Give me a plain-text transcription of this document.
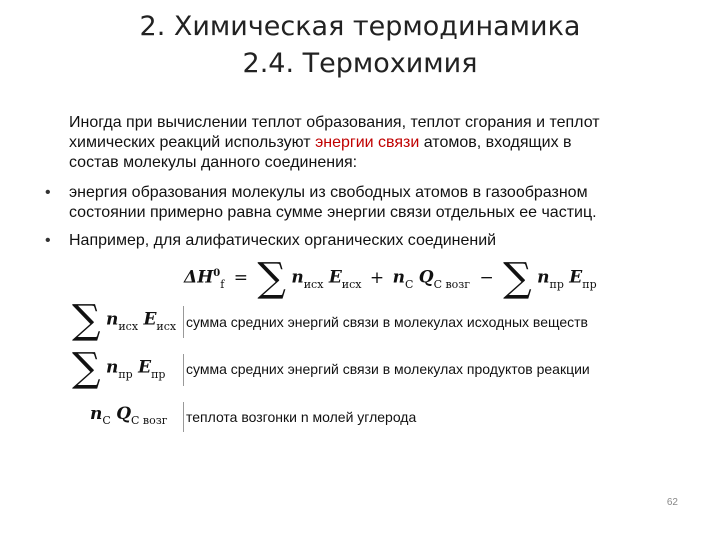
2. Химическая термодинамика
2.4. Термохимия
Иногда при вычислении теплот образования, теплот сгорания и теплот
химических реакций используют энергии связи атомов, входящих в
состав молекулы данного соединения:
• энергия образования молекулы из свободных атомов в газообразном
состоянии примерно равна сумме энергии связи отдельных ее частиц.
• Например, для алифатических органических соединений
$\Delta H^0_f$ = ∑ $n_{исх}$ $E_{исх} + n_C$ $Q_{C возг}$ − ∑ $n_{пр}$ $E_{пр}$
∑ $n_{исх}$ $E_{исх}$ сумма средних энергий связи в молекулах исходных веществ
∑ $n_{пр}$ $E_{пр}$ сумма средних энергий связи в молекулах продуктов реакции
$n_C$ $Q_{C возг}$ теплота возгонки n молей углерода
62
